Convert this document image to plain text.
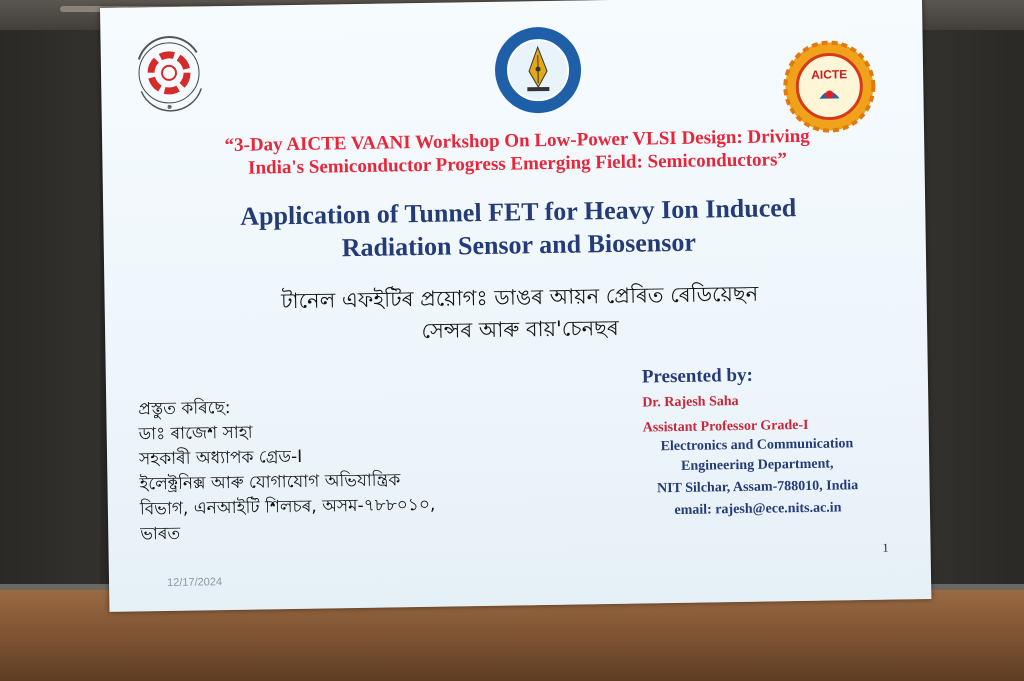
AICTE
“3-Day AICTE VAANI Workshop On Low-Power VLSI Design: Driving
India's Semiconductor Progress Emerging Field: Semiconductors”
Application of Tunnel FET for Heavy Ion Induced
Radiation Sensor and Biosensor
টানেল এফইটিৰ প্ৰয়োগঃ ডাঙৰ আয়ন প্ৰেৰিত ৰেডিয়েছন
সেন্সৰ আৰু বায়'চেনছৰ
প্ৰস্তুত কৰিছে:
ডাঃ ৰাজেশ সাহা
সহকাৰী অধ্যাপক গ্ৰেড-I
ইলেক্ট্ৰনিক্স আৰু যোগাযোগ অভিযান্ত্ৰিক
বিভাগ, এনআইটি শিলচৰ, অসম-৭৮৮০১০,
ভাৰত
Presented by:
Dr. Rajesh Saha
Assistant Professor Grade-I
Electronics and Communication
Engineering Department,
NIT Silchar, Assam-788010, India
email: rajesh@ece.nits.ac.in
12/17/2024
1
